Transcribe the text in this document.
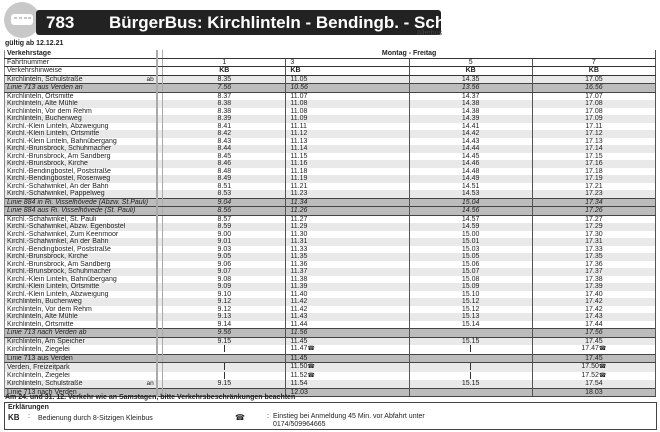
783 BürgerBus: Kirchlinteln - Bendingb. - Schafw. - Kirchlinteln
Allerbus
gültig ab 12.12.21
Verkehrstage		Montag - Freitag			
Fahrtnummer		1	3	5	7
Verkehrshinweise		KB	KB	KB	KB

ab
Kirchlinteln, Schulstraße		8.35	11.05	14.35	17.05
Linie 713 aus Verden an		7.56	10.56	13.56	16.56
Kirchlinteln, Ortsmitte		8.37	11.07	14.37	17.07
Kirchlinteln, Alte Mühle		8.38	11.08	14.38	17.08
Kirchlinteln, Vor dem Rehm		8.38	11.08	14.38	17.08
Kirchlinteln, Buchenweg		8.39	11.09	14.39	17.09
Kirchl.-Klein Linteln, Abzweigung		8.41	11.11	14.41	17.11
Kirchl.-Klein Linteln, Ortsmitte		8.42	11.12	14.42	17.12
Kirchl.-Klein Linteln, Bahnübergang		8.43	11.13	14.43	17.13
Kirchl.-Brunsbrock, Schuhmacher		8.44	11.14	14.44	17.14
Kirchl.-Brunsbrock, Am Sandberg		8.45	11.15	14.45	17.15
Kirchl.-Brunsbrock, Kirche		8.46	11.16	14.46	17.16
Kirchl.-Bendingbostel, Poststraße		8.48	11.18	14.48	17.18
Kirchl.-Bendingbostel, Rosenweg		8.49	11.19	14.49	17.19
Kirchl.-Schafwinkel, An der Bahn		8.51	11.21	14.51	17.21
Kirchl.-Schafwinkel, Pappelweg		8.53	11.23	14.53	17.23
Linie 884 in Ri. Visselhövede (Abzw. St.Pauli)		9.04	11.34	15.04	17.34
Linie 884 aus Ri. Visselhövede (St. Pauli)		8.56	11.26	14.56	17.26
Kirchl.-Schafwinkel, St. Pauli		8.57	11.27	14.57	17.27
Kirchl.-Schafwinkel, Abzw. Egenbostel		8.59	11.29	14.59	17.29
Kirchl.-Schafwinkel, Zum Keenmoor		9.00	11.30	15.00	17.30
Kirchl.-Schafwinkel, An der Bahn		9.01	11.31	15.01	17.31
Kirchl.-Bendingbostel, Poststraße		9.03	11.33	15.03	17.33
Kirchl.-Brunsbrock, Kirche		9.05	11.35	15.05	17.35
Kirchl.-Brunsbrock, Am Sandberg		9.06	11.36	15.06	17.36
Kirchl.-Brunsbrock, Schuhmacher		9.07	11.37	15.07	17.37
Kirchl.-Klein Linteln, Bahnübergang		9.08	11.38	15.08	17.38
Kirchl.-Klein Linteln, Ortsmitte		9.09	11.39	15.09	17.39
Kirchl.-Klein Linteln, Abzweigung		9.10	11.40	15.10	17.40
Kirchlinteln, Buchenweg		9.12	11.42	15.12	17.42
Kirchlinteln, Vor dem Rehm		9.12	11.42	15.12	17.42
Kirchlinteln, Alte Mühle		9.13	11.43	15.13	17.43
Kirchlinteln, Ortsmitte		9.14	11.44	15.14	17.44
Linie 713 nach Verden ab		9.56	11.56		17.56
Kirchlinteln, Am Speicher		9.15	11.45	15.15	17.45
Kirchlinteln, Ziegelei			11.47☎		17.47☎
Linie 713 aus Verden			11.45		17.45
Verden, Freizeitpark			11.50☎		17.50☎
Kirchlinteln, Ziegelei			11.52☎		17.52☎

an
Kirchlinteln, Schulstraße		9.15	11.54	15.15	17.54
Linie 713 nach Verden			12.03		18.03
Am 24. und 31. 12. Verkehr wie an Samstagen, bitte Verkehrsbeschränkungen beachten
Erklärungen
KB : Bedienung durch 8-Sitzigen Kleinbus	☎	: Einstieg bei Anmeldung 45 Min. vor Abfahrt unter 0174/509964665
